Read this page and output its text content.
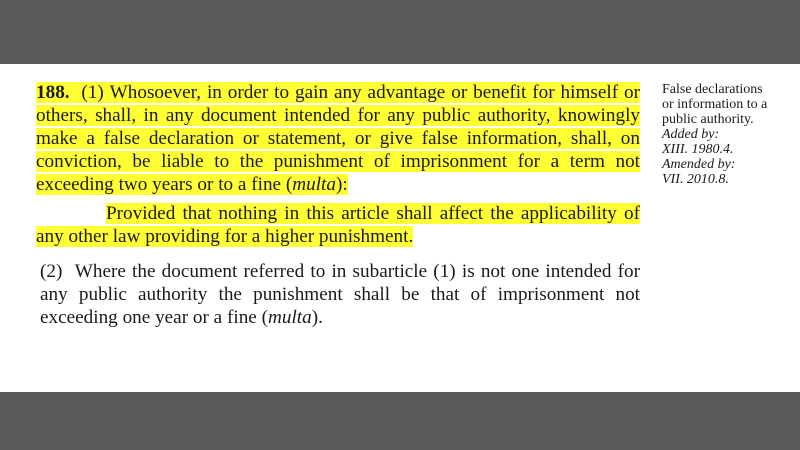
188. (1) Whosoever, in order to gain any advantage or benefit for himself or others, shall, in any document intended for any public authority, knowingly make a false declaration or statement, or give false information, shall, on conviction, be liable to the punishment of imprisonment for a term not exceeding two years or to a fine (multa):

Provided that nothing in this article shall affect the applicability of any other law providing for a higher punishment.

(2) Where the document referred to in subarticle (1) is not one intended for any public authority the punishment shall be that of imprisonment not exceeding one year or a fine (multa).

False declarations
or information to a
public authority.
Added by:
XIII. 1980.4.
Amended by:
VII. 2010.8.
